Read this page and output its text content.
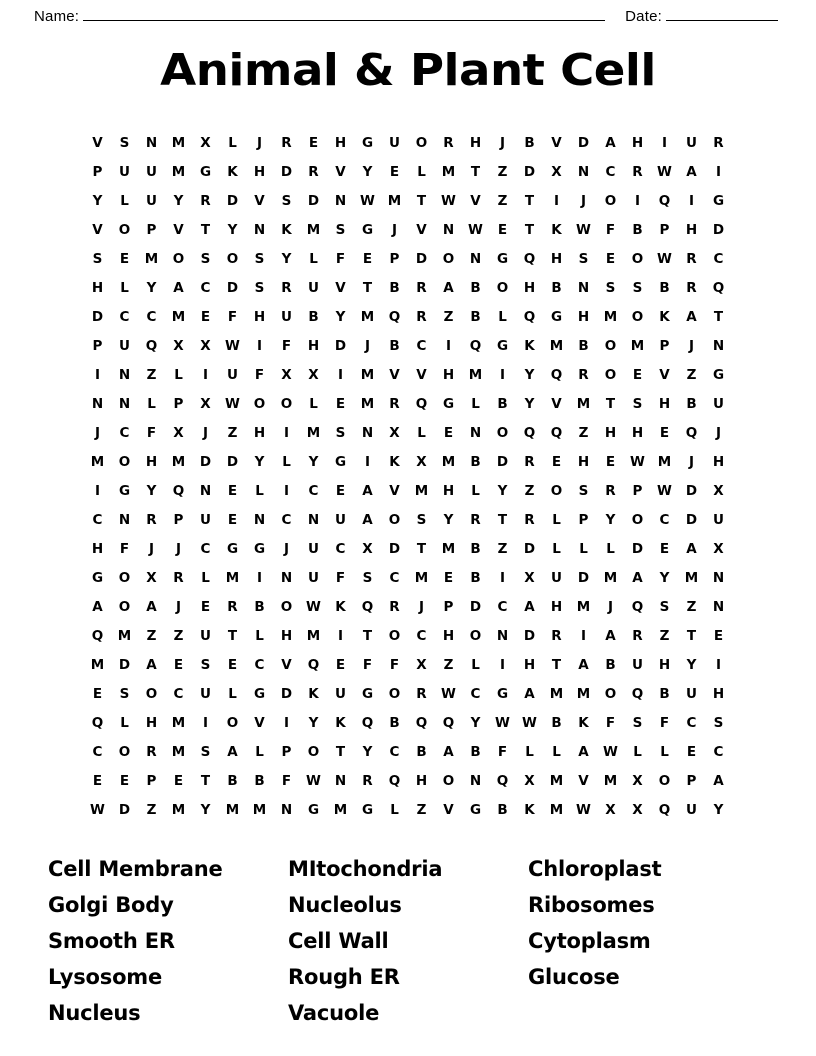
Name:	Date:
Animal & Plant Cell
V	S	N	M	X	L	J	R	E	H	G	U	O	R	H	J	B	V	D	A	H	I	U	R
P	U	U	M	G	K	H	D	R	V	Y	E	L	M	T	Z	D	X	N	C	R	W	A	I
Y	L	U	Y	R	D	V	S	D	N	W M	T	W	V	Z	T	I	J	O	I	Q	I	G
V	O	P	V	T	Y	N	K	M	S	G	J	V	N	W	E	T	K	W	F	B	P	H	D
S	E	M	O	S	O	S	Y	L	F	E	P	D	O	N	G	Q	H	S	E	O	W	R	C
H	L	Y	A	C	D	S	R	U	V	T	B	R	A	B	O	H	B	N	S	S	B	R	Q
D	C	C	M	E	F	H	U	B	Y	M	Q	R	Z	B	L	Q	G	H	M	O	K	A	T
P	U	Q	X	X	W	I	F	H	D	J	B	C	I	Q	G	K	M	B	O	M	P	J	N
I	N	Z	L	I	U	F	X	X	I	M	V	V	H	M	I	Y	Q	R	O	E	V	Z	G
N	N	L	P	X	W	O	O	L	E	M	R	Q	G	L	B	Y	V	M	T	S	H	B	U
J	C	F	X	J	Z	H	I	M	S	N	X	L	E	N	O	Q	Q	Z	H	H	E	Q	J
M	O	H	M	D	D	Y	L	Y	G	I	K	X	M	B	D	R	E	H	E	W M	J	H
I	G	Y	Q	N	E	L	I	C	E	A	V	M	H	L	Y	Z	O	S	R	P	W	D	X
C	N	R	P	U	E	N	C	N	U	A	O	S	Y	R	T	R	L	P	Y	O	C	D	U
H	F	J	J	C	G	G	J	U	C	X	D	T	M	B	Z	D	L	L	L	D	E	A	X
G	O	X	R	L	M	I	N	U	F	S	C	M	E	B	I	X	U	D	M	A	Y	M	N
A	O	A	J	E	R	B	O	W	K	Q	R	J	P	D	C	A	H	M	J	Q	S	Z	N
Q	M	Z	Z	U	T	L	H	M	I	T	O	C	H	O	N	D	R	I	A	R	Z	T	E
M	D	A	E	S	E	C	V	Q	E	F	F	X	Z	L	I	H	T	A	B	U	H	Y	I
E	S	O	C	U	L	G	D	K	U	G	O	R	W	C	G	A	M	M	O	Q	B	U	H
Q	L	H	M	I	O	V	I	Y	K	Q	B	Q	Q	Y	W W	B	K	F	S	F	C	S
C	O	R	M	S	A	L	P	O	T	Y	C	B	A	B	F	L	L	A	W	L	L	E	C
E	E	P	E	T	B	B	F	W	N	R	Q	H	O	N	Q	X	M	V	M	X	O	P	A
W	D	Z	M	Y	M	M	N	G	M	G	L	Z	V	G	B	K	M W	X	X	Q	U	Y
Cell Membrane	MItochondria	Chloroplast
Golgi Body	Nucleolus	Ribosomes
Smooth ER	Cell Wall	Cytoplasm
Lysosome	Rough ER	Glucose
Nucleus	Vacuole
